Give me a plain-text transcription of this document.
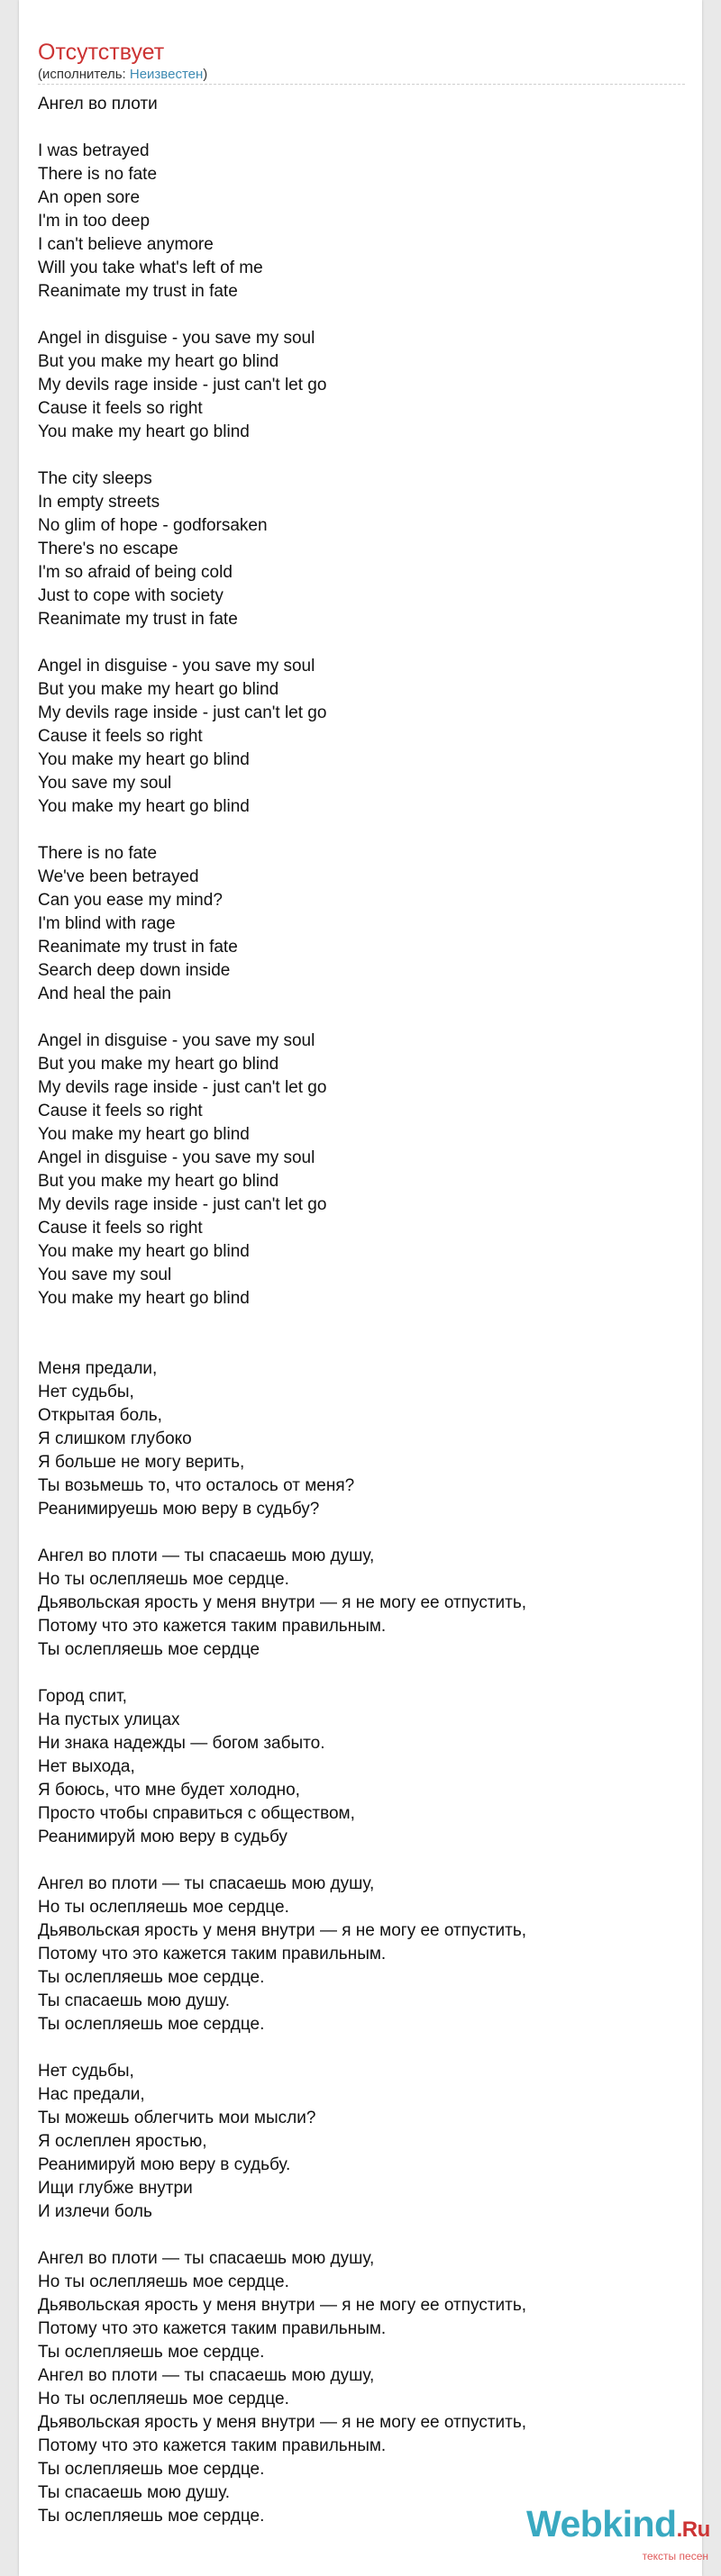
Отсутствует
(исполнитель: Неизвестен)
Ангел во плоти
I was betrayed
There is no fate
An open sore
I'm in too deep
I can't believe anymore
Will you take what's left of me
Reanimate my trust in fate
Angel in disguise - you save my soul
But you make my heart go blind
My devils rage inside - just can't let go
Cause it feels so right
You make my heart go blind
The city sleeps
In empty streets
No glim of hope - godforsaken
There's no escape
I'm so afraid of being cold
Just to cope with society
Reanimate my trust in fate
Angel in disguise - you save my soul
But you make my heart go blind
My devils rage inside - just can't let go
Cause it feels so right
You make my heart go blind
You save my soul
You make my heart go blind
There is no fate
We've been betrayed
Can you ease my mind?
I'm blind with rage
Reanimate my trust in fate
Search deep down inside
And heal the pain
Angel in disguise - you save my soul
But you make my heart go blind
My devils rage inside - just can't let go
Cause it feels so right
You make my heart go blind
Angel in disguise - you save my soul
But you make my heart go blind
My devils rage inside - just can't let go
Cause it feels so right
You make my heart go blind
You save my soul
You make my heart go blind
Меня предали,
Нет судьбы,
Открытая боль,
Я слишком глубоко
Я больше не могу верить,
Ты возьмешь то, что осталось от меня?
Реанимируешь мою веру в судьбу?
Ангел во плоти — ты спасаешь мою душу,
Но ты ослепляешь мое сердце.
Дьявольская ярость у меня внутри — я не могу ее отпустить,
Потому что это кажется таким правильным.
Ты ослепляешь мое сердце
Город спит,
На пустых улицах
Ни знака надежды — богом забыто.
Нет выхода,
Я боюсь, что мне будет холодно,
Просто чтобы справиться с обществом,
Реанимируй мою веру в судьбу
Ангел во плоти — ты спасаешь мою душу,
Но ты ослепляешь мое сердце.
Дьявольская ярость у меня внутри — я не могу ее отпустить,
Потому что это кажется таким правильным.
Ты ослепляешь мое сердце.
Ты спасаешь мою душу.
Ты ослепляешь мое сердце.
Нет судьбы,
Нас предали,
Ты можешь облегчить мои мысли?
Я ослеплен яростью,
Реанимируй мою веру в судьбу.
Ищи глубже внутри
И излечи боль
Ангел во плоти — ты спасаешь мою душу,
Но ты ослепляешь мое сердце.
Дьявольская ярость у меня внутри — я не могу ее отпустить,
Потому что это кажется таким правильным.
Ты ослепляешь мое сердце.
Ангел во плоти — ты спасаешь мою душу,
Но ты ослепляешь мое сердце.
Дьявольская ярость у меня внутри — я не могу ее отпустить,
Потому что это кажется таким правильным.
Ты ослепляешь мое сердце.
Ты спасаешь мою душу.
Ты ослепляешь мое сердце.	Webkind.Ru
тексты песен
